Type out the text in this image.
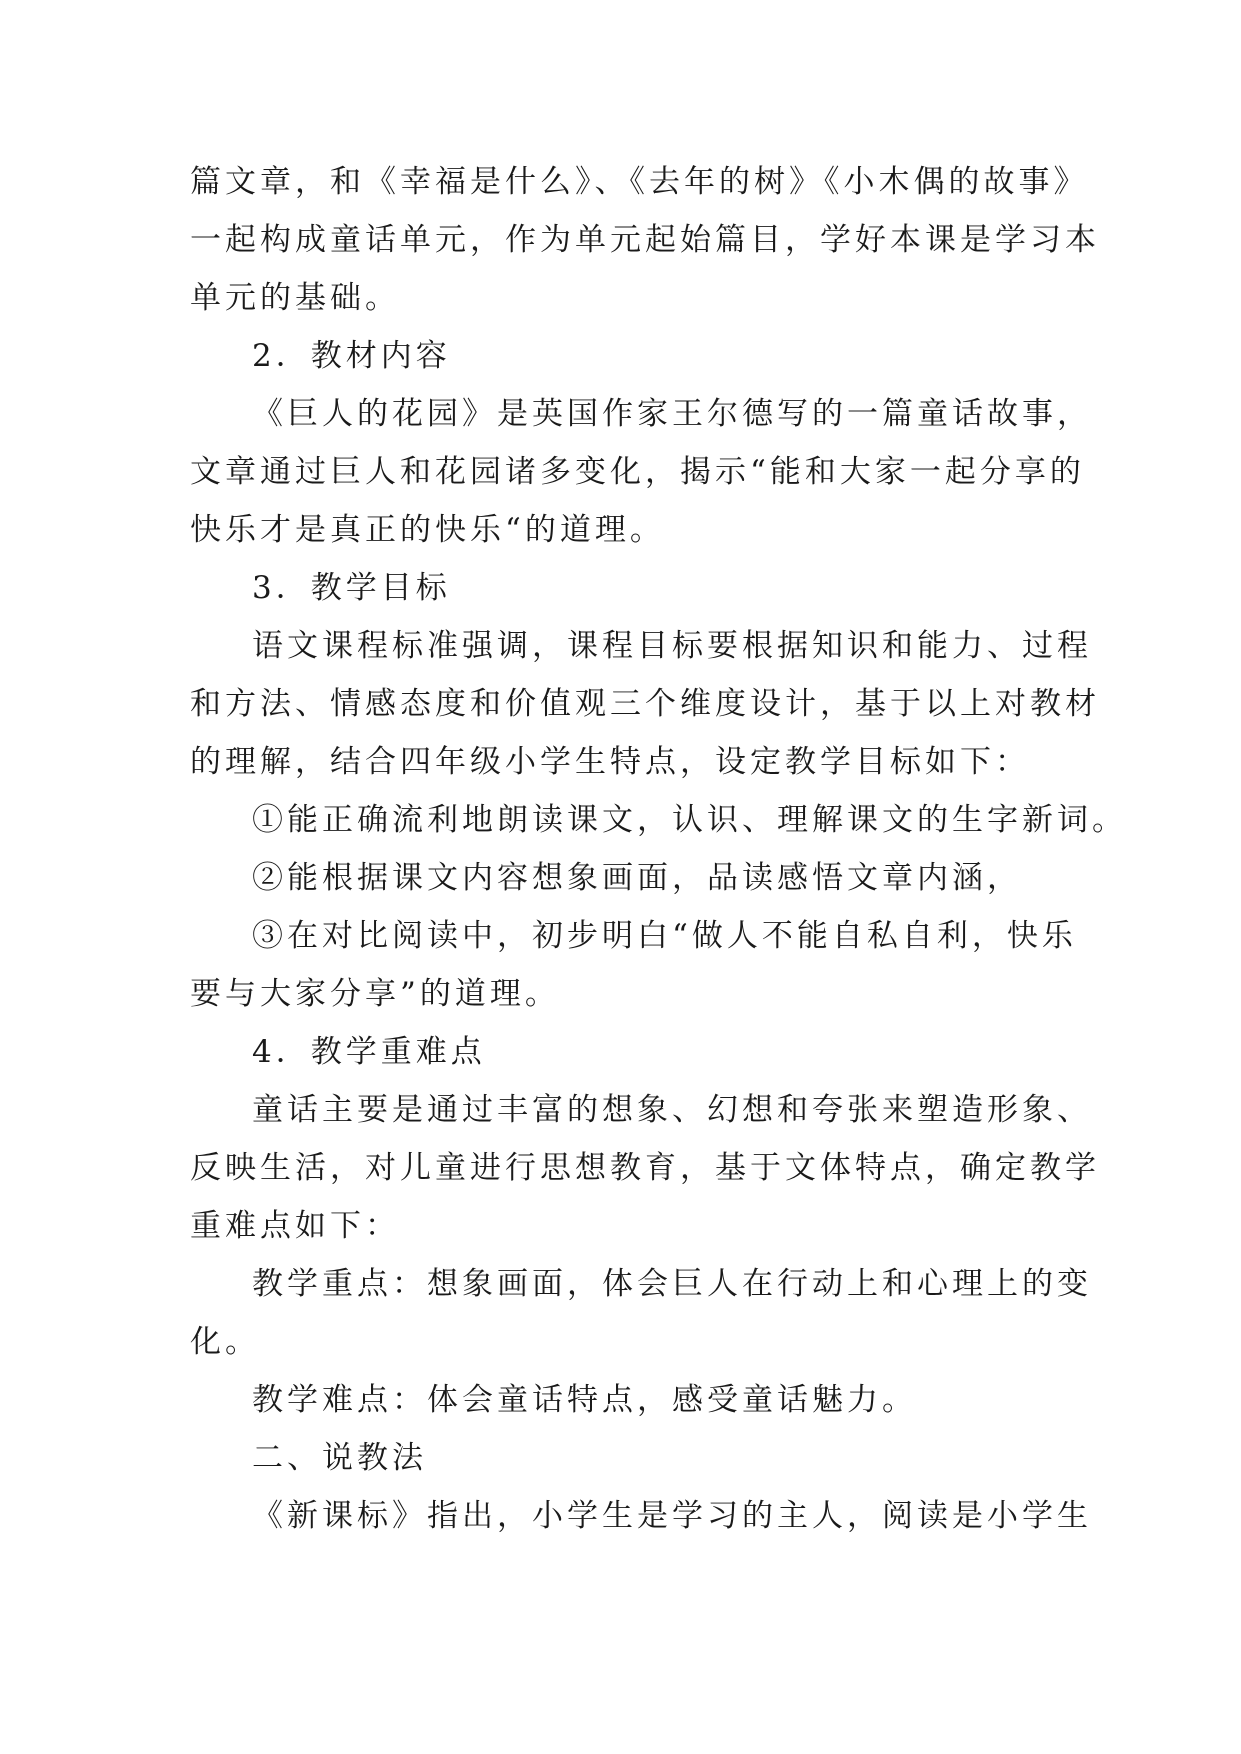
篇文章，和《幸福是什么》、《去年的树》《小木偶的故事》
一起构成童话单元，作为单元起始篇目，学好本课是学习本
单元的基础。
2．教材内容
《巨人的花园》是英国作家王尔德写的一篇童话故事，
文章通过巨人和花园诸多变化，揭示“能和大家一起分享的
快乐才是真正的快乐“的道理。
3．教学目标
语文课程标准强调，课程目标要根据知识和能力、过程
和方法、情感态度和价值观三个维度设计，基于以上对教材
的理解，结合四年级小学生特点，设定教学目标如下：
①能正确流利地朗读课文，认识、理解课文的生字新词。
②能根据课文内容想象画面，品读感悟文章内涵，
③在对比阅读中，初步明白“做人不能自私自利，快乐
要与大家分享”的道理。
4．教学重难点
童话主要是通过丰富的想象、幻想和夸张来塑造形象、
反映生活，对儿童进行思想教育，基于文体特点，确定教学
重难点如下：
教学重点：想象画面，体会巨人在行动上和心理上的变
化。
教学难点：体会童话特点，感受童话魅力。
二、说教法
《新课标》指出，小学生是学习的主人，阅读是小学生
